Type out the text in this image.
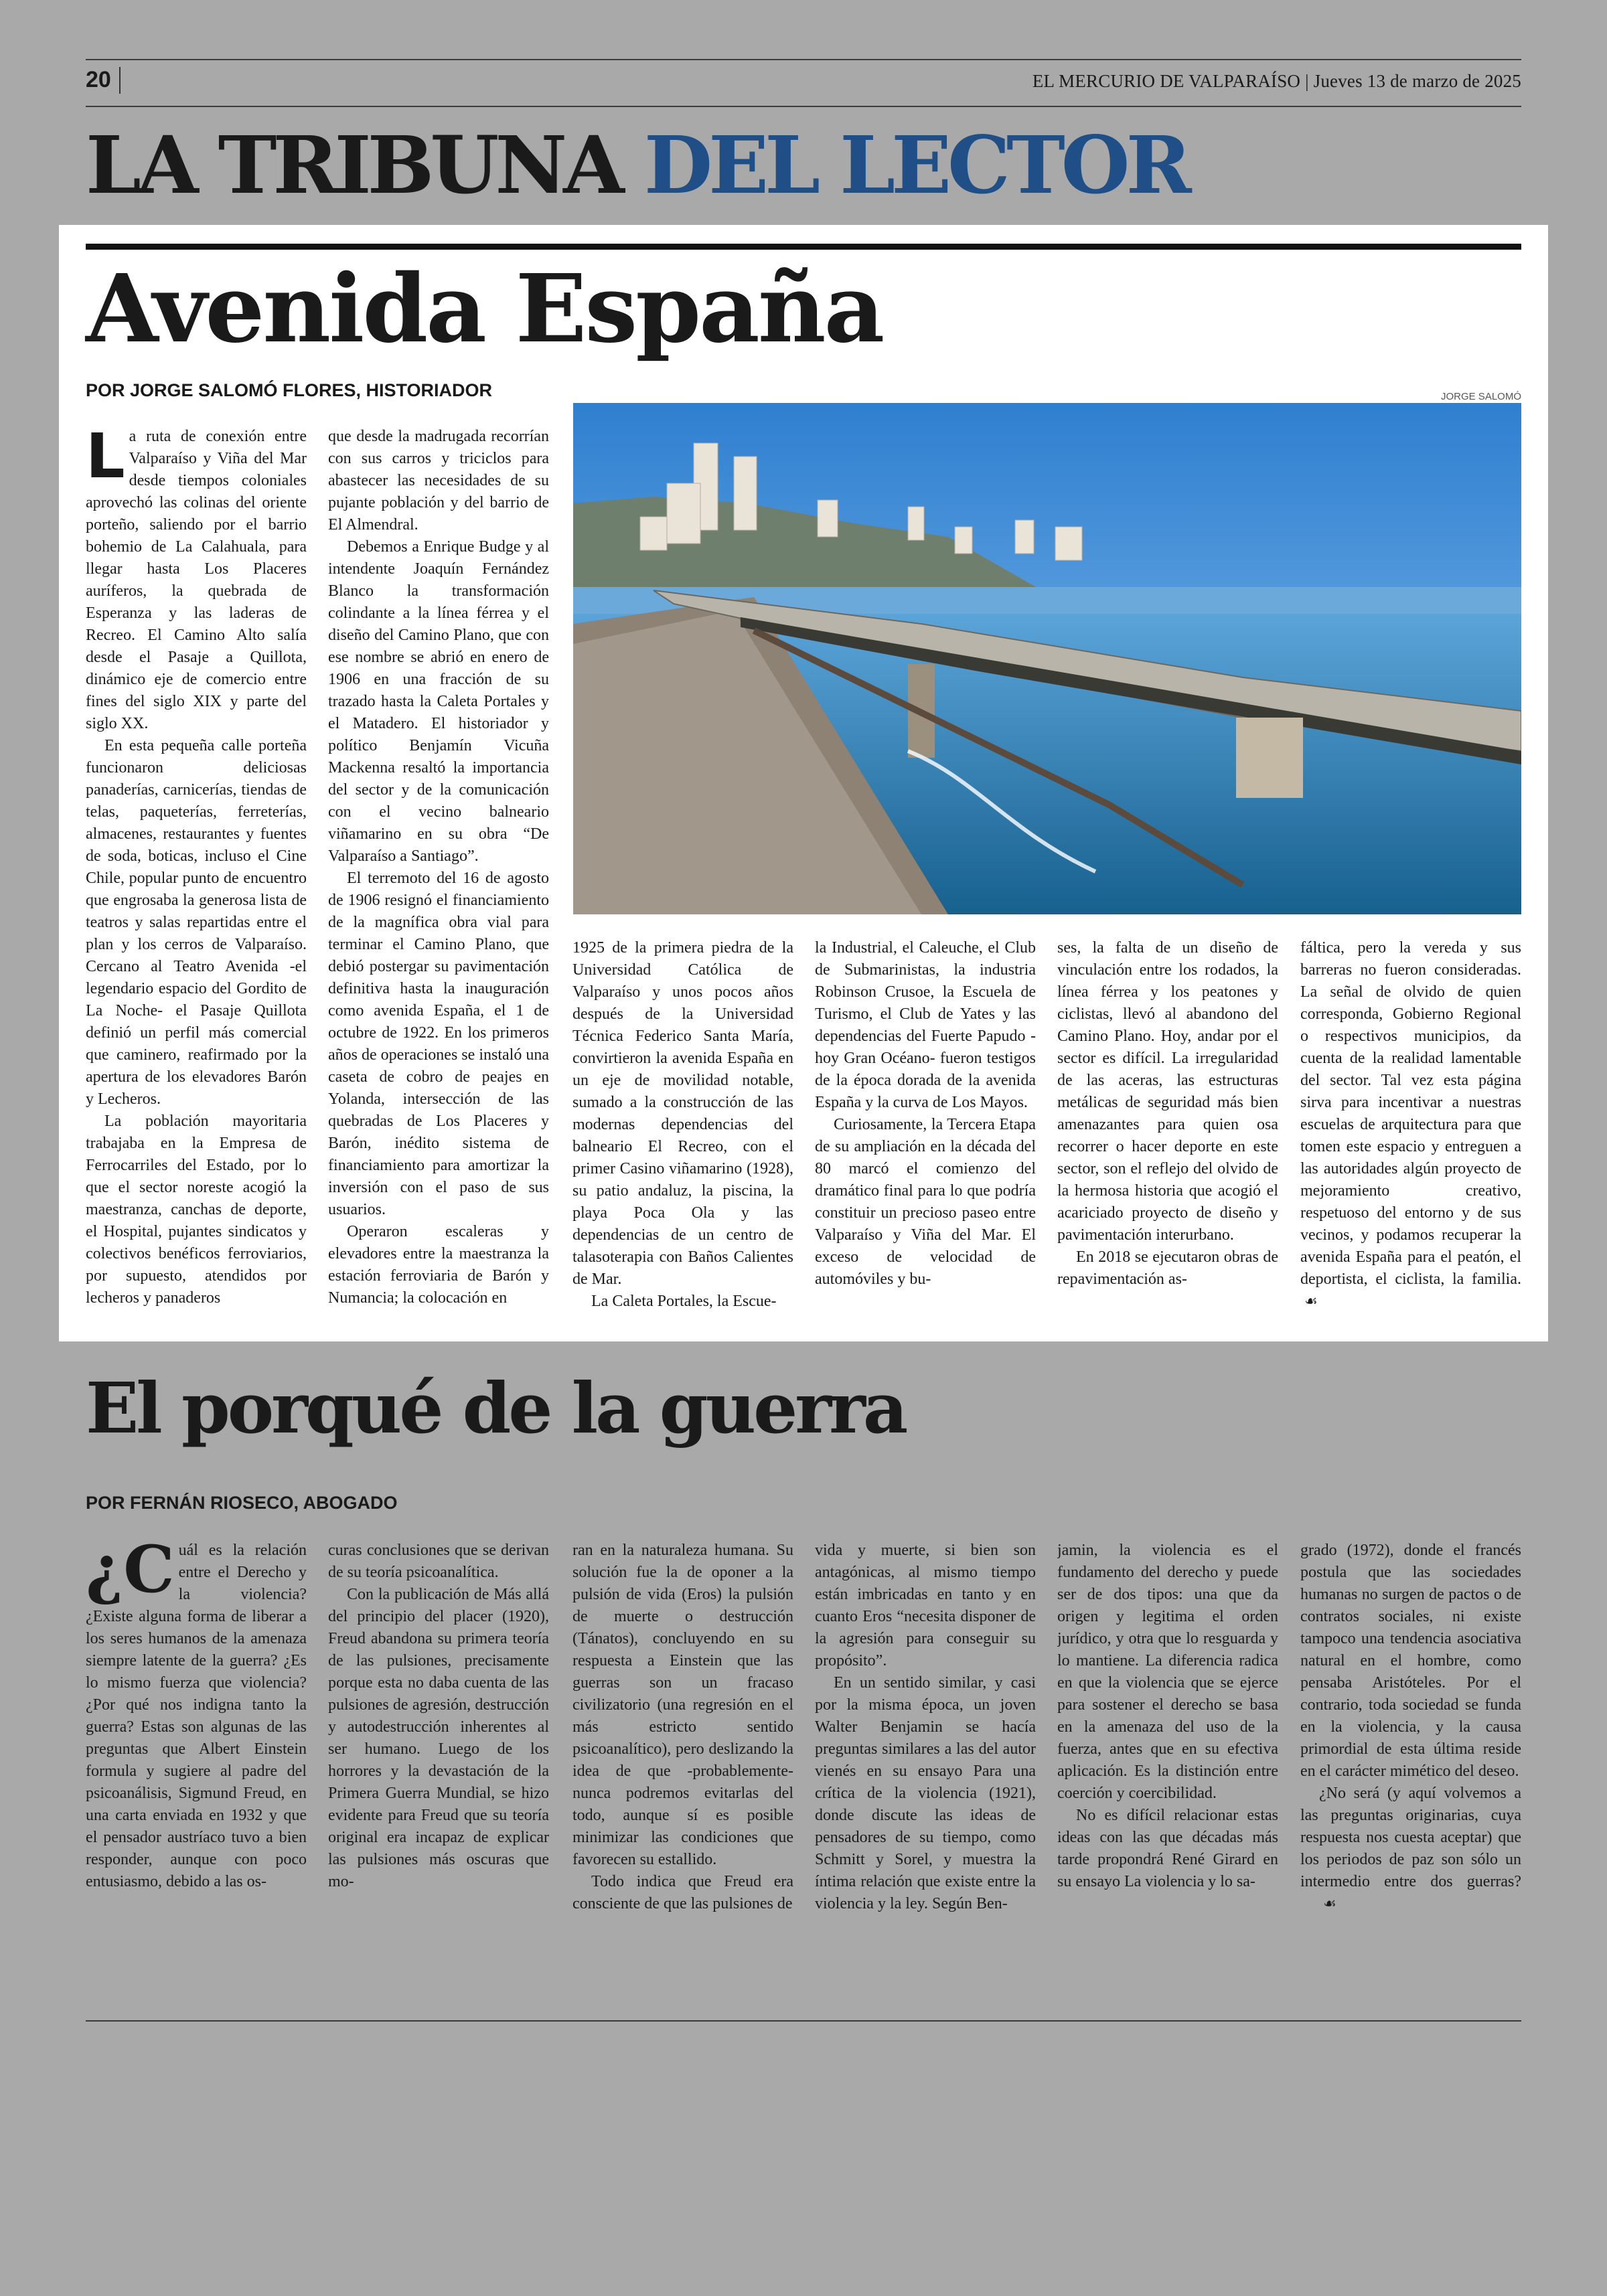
20	EL MERCURIO DE VALPARAÍSO | Jueves 13 de marzo de 2025
LA TRIBUNA DEL LECTOR
Avenida España
POR JORGE SALOMÓ FLORES, HISTORIADOR	JORGE SALOMÓ
L a ruta de conexión entre Valparaíso y Viña del Mar desde tiempos coloniales aprovechó las colinas del oriente porteño, saliendo por el barrio bohemio de La Calahuala, para llegar hasta Los Placeres auríferos, la quebrada de Esperanza y las laderas de Recreo. El Camino Alto salía desde el Pasaje a Quillota, dinámico eje de comercio entre fines del siglo XIX y parte del siglo XX.

En esta pequeña calle porteña funcionaron deliciosas panaderías, carnicerías, tiendas de telas, paqueterías, ferreterías, almacenes, restaurantes y fuentes de soda, boticas, incluso el Cine Chile, popular punto de encuentro que engrosaba la generosa lista de teatros y salas repartidas entre el plan y los cerros de Valparaíso. Cercano al Teatro Avenida -el legendario espacio del Gordito de La Noche- el Pasaje Quillota definió un perfil más comercial que caminero, reafirmado por la apertura de los elevadores Barón y Lecheros.

La población mayoritaria trabajaba en la Empresa de Ferrocarriles del Estado, por lo que el sector noreste acogió la maestranza, canchas de deporte, el Hospital, pujantes sindicatos y colectivos benéficos ferroviarios, por supuesto, atendidos por lecheros y panaderos

que desde la madrugada recorrían con sus carros y triciclos para abastecer las necesidades de su pujante población y del barrio de El Almendral.

Debemos a Enrique Budge y al intendente Joaquín Fernández Blanco la transformación colindante a la línea férrea y el diseño del Camino Plano, que con ese nombre se abrió en enero de 1906 en una fracción de su trazado hasta la Caleta Portales y el Matadero. El historiador y político Benjamín Vicuña Mackenna resaltó la importancia del sector y de la comunicación con el vecino balneario viñamarino en su obra “De Valparaíso a Santiago”.

El terremoto del 16 de agosto de 1906 resignó el financiamiento de la magnífica obra vial para terminar el Camino Plano, que debió postergar su pavimentación definitiva hasta la inauguración como avenida España, el 1 de octubre de 1922. En los primeros años de operaciones se instaló una caseta de cobro de peajes en Yolanda, intersección de las quebradas de Los Placeres y Barón, inédito sistema de financiamiento para amortizar la inversión con el paso de sus usuarios.

Operaron escaleras y elevadores entre la maestranza la estación ferroviaria de Barón y Numancia; la colocación en

1925 de la primera piedra de la Universidad Católica de Valparaíso y unos pocos años después de la Universidad Técnica Federico Santa María, convirtieron la avenida España en un eje de movilidad notable, sumado a la construcción de las modernas dependencias del balneario El Recreo, con el primer Casino viñamarino (1928), su patio andaluz, la piscina, la playa Poca Ola y las dependencias de un centro de talasoterapia con Baños Calientes de Mar.

La Caleta Portales, la Escue-

la Industrial, el Caleuche, el Club de Submarinistas, la industria Robinson Crusoe, la Escuela de Turismo, el Club de Yates y las dependencias del Fuerte Papudo -hoy Gran Océano- fueron testigos de la época dorada de la avenida España y la curva de Los Mayos.

Curiosamente, la Tercera Etapa de su ampliación en la década del 80 marcó el comienzo del dramático final para lo que podría constituir un precioso paseo entre Valparaíso y Viña del Mar. El exceso de velocidad de automóviles y bu-

ses, la falta de un diseño de vinculación entre los rodados, la línea férrea y los peatones y ciclistas, llevó al abandono del Camino Plano. Hoy, andar por el sector es difícil. La irregularidad de las aceras, las estructuras metálicas de seguridad más bien amenazantes para quien osa recorrer o hacer deporte en este sector, son el reflejo del olvido de la hermosa historia que acogió el acariciado proyecto de diseño y pavimentación interurbano.

En 2018 se ejecutaron obras de repavimentación as-

fáltica, pero la vereda y sus barreras no fueron consideradas. La señal de olvido de quien corresponda, Gobierno Regional o respectivos municipios, da cuenta de la realidad lamentable del sector. Tal vez esta página sirva para incentivar a nuestras escuelas de arquitectura para que tomen este espacio y entreguen a las autoridades algún proyecto de mejoramiento creativo, respetuoso del entorno y de sus vecinos, y podamos recuperar la avenida España para el peatón, el deportista, el ciclista, la familia.☙

El porqué de la guerra
POR FERNÁN RIOSECO, ABOGADO
¿C uál es la relación entre el Derecho y la violencia? ¿Existe alguna forma de liberar a los seres humanos de la amenaza siempre latente de la guerra? ¿Es lo mismo fuerza que violencia? ¿Por qué nos indigna tanto la guerra? Estas son algunas de las preguntas que Albert Einstein formula y sugiere al padre del psicoanálisis, Sigmund Freud, en una carta enviada en 1932 y que el pensador austríaco tuvo a bien responder, aunque con poco entusiasmo, debido a las os-

curas conclusiones que se derivan de su teoría psicoanalítica.

Con la publicación de Más allá del principio del placer (1920), Freud abandona su primera teoría de las pulsiones, precisamente porque esta no daba cuenta de las pulsiones de agresión, destrucción y autodestrucción inherentes al ser humano. Luego de los horrores y la devastación de la Primera Guerra Mundial, se hizo evidente para Freud que su teoría original era incapaz de explicar las pulsiones más oscuras que mo-

ran en la naturaleza humana. Su solución fue la de oponer a la pulsión de vida (Eros) la pulsión de muerte o destrucción (Tánatos), concluyendo en su respuesta a Einstein que las guerras son un fracaso civilizatorio (una regresión en el más estricto sentido psicoanalítico), pero deslizando la idea de que -probablemente- nunca podremos evitarlas del todo, aunque sí es posible minimizar las condiciones que favorecen su estallido.

Todo indica que Freud era consciente de que las pulsiones de

vida y muerte, si bien son antagónicas, al mismo tiempo están imbricadas en tanto y en cuanto Eros “necesita disponer de la agresión para conseguir su propósito”.

En un sentido similar, y casi por la misma época, un joven Walter Benjamin se hacía preguntas similares a las del autor vienés en su ensayo Para una crítica de la violencia (1921), donde discute las ideas de pensadores de su tiempo, como Schmitt y Sorel, y muestra la íntima relación que existe entre la violencia y la ley. Según Ben-

jamin, la violencia es el fundamento del derecho y puede ser de dos tipos: una que da origen y legitima el orden jurídico, y otra que lo resguarda y lo mantiene. La diferencia radica en que la violencia que se ejerce para sostener el derecho se basa en la amenaza del uso de la fuerza, antes que en su efectiva aplicación. Es la distinción entre coerción y coercibilidad.

No es difícil relacionar estas ideas con las que décadas más tarde propondrá René Girard en su ensayo La violencia y lo sa-

grado (1972), donde el francés postula que las sociedades humanas no surgen de pactos o de contratos sociales, ni existe tampoco una tendencia asociativa natural en el hombre, como pensaba Aristóteles. Por el contrario, toda sociedad se funda en la violencia, y la causa primordial de esta última reside en el carácter mimético del deseo.

¿No será (y aquí volvemos a las preguntas originarias, cuya respuesta nos cuesta aceptar) que los periodos de paz son sólo un intermedio entre dos guerras?☙
